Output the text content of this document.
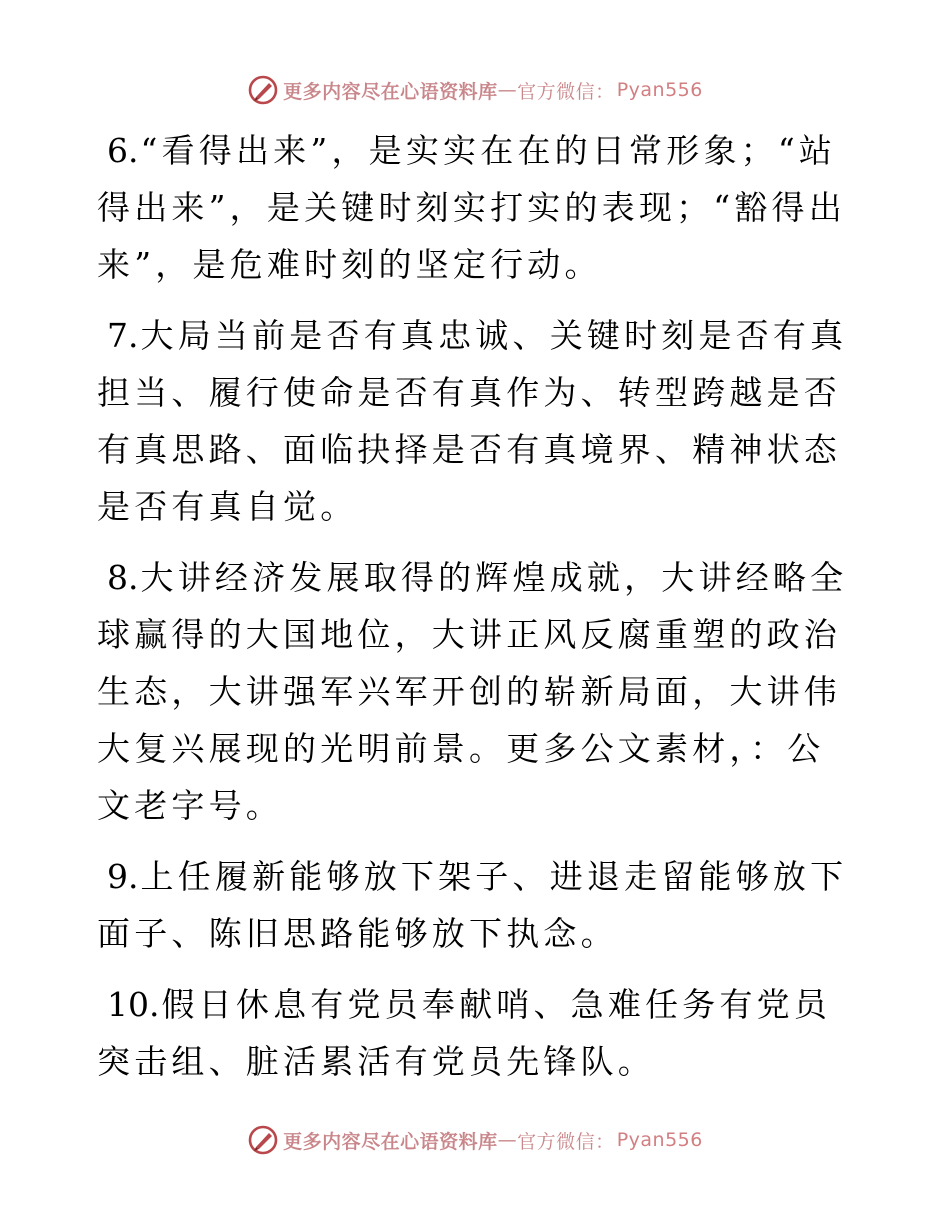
更多内容尽在心语资料库 — 官方微信： Pyan556

6.“看得出来”，是实实在在的日常形象；“站得出来”，是关键时刻实打实的表现；“豁得出来”，是危难时刻的坚定行动。

7.大局当前是否有真忠诚、关键时刻是否有真担当、履行使命是否有真作为、转型跨越是否有真思路、面临抉择是否有真境界、精神状态是否有真自觉。

8.大讲经济发展取得的辉煌成就，大讲经略全球赢得的大国地位，大讲正风反腐重塑的政治生态，大讲强军兴军开创的崭新局面，大讲伟大复兴展现的光明前景。更多公文素材，：公文老字号。

9.上任履新能够放下架子、进退走留能够放下面子、陈旧思路能够放下执念。

10.假日休息有党员奉献哨、急难任务有党员突击组、脏活累活有党员先锋队。

更多内容尽在心语资料库 — 官方微信： Pyan556
